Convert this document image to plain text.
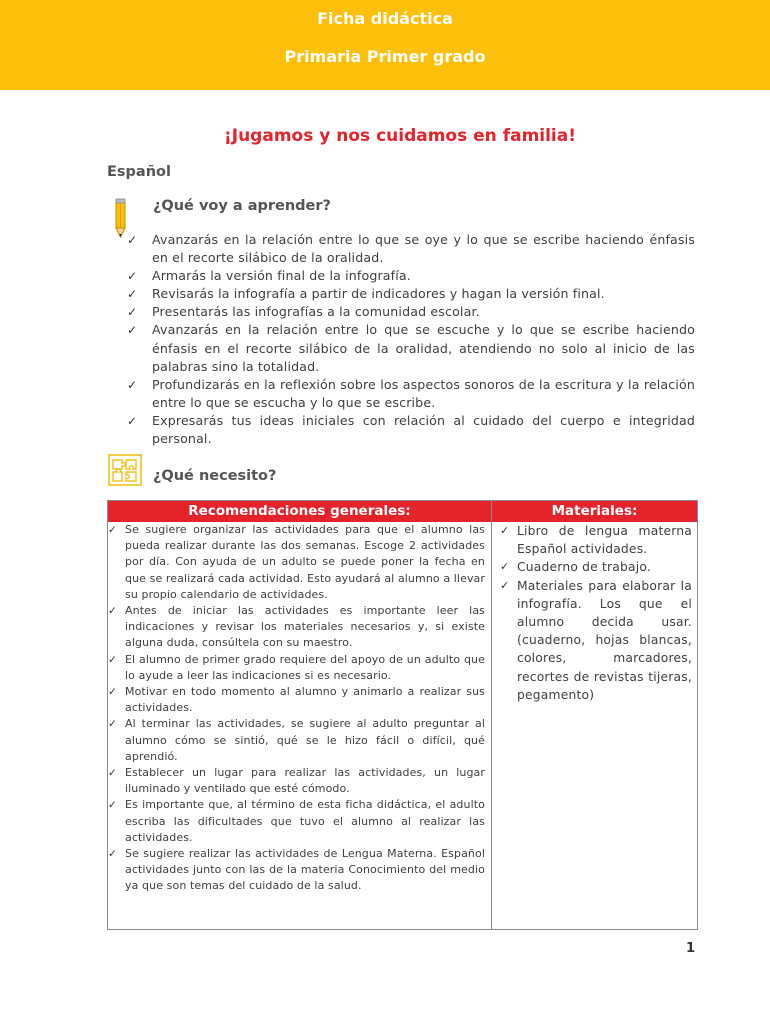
Ficha didáctica
Primaria Primer grado
¡Jugamos y nos cuidamos en familia!
Español
¿Qué voy a aprender?
✓ Avanzarás en la relación entre lo que se oye y lo que se escribe haciendo énfasis en el recorte silábico de la oralidad.
✓ Armarás la versión final de la infografía.
✓ Revisarás la infografía a partir de indicadores y hagan la versión final.
✓ Presentarás las infografías a la comunidad escolar.
✓ Avanzarás en la relación entre lo que se escuche y lo que se escribe haciendo énfasis en el recorte silábico de la oralidad, atendiendo no solo al inicio de las palabras sino la totalidad.
✓ Profundizarás en la reflexión sobre los aspectos sonoros de la escritura y la relación entre lo que se escucha y lo que se escribe.
✓ Expresarás tus ideas iniciales con relación al cuidado del cuerpo e integridad personal.
¿Qué necesito?
Recomendaciones generales:	Materiales:
✓ Se sugiere organizar las actividades para que el alumno las pueda realizar durante las dos semanas. Escoge 2 actividades por día. Con ayuda de un adulto se puede poner la fecha en que se realizará cada actividad. Esto ayudará al alumno a llevar su propio calendario de actividades.
✓ Antes de iniciar las actividades es importante leer las indicaciones y revisar los materiales necesarios y, si existe alguna duda, consúltela con su maestro.
✓ El alumno de primer grado requiere del apoyo de un adulto que lo ayude a leer las indicaciones si es necesario.
✓ Motivar en todo momento al alumno y animarlo a realizar sus actividades.
✓ Al terminar las actividades, se sugiere al adulto preguntar al alumno cómo se sintió, qué se le hizo fácil o difícil, qué aprendió.
✓ Establecer un lugar para realizar las actividades, un lugar iluminado y ventilado que esté cómodo.
✓ Es importante que, al término de esta ficha didáctica, el adulto escriba las dificultades que tuvo el alumno al realizar las actividades.
✓ Se sugiere realizar las actividades de Lengua Materna. Español actividades junto con las de la materia Conocimiento del medio ya que son temas del cuidado de la salud.
✓ Libro de lengua materna Español actividades.
✓ Cuaderno de trabajo.
✓ Materiales para elaborar la infografía. Los que el alumno decida usar. (cuaderno, hojas blancas, colores, marcadores, recortes de revistas tijeras, pegamento)
1
